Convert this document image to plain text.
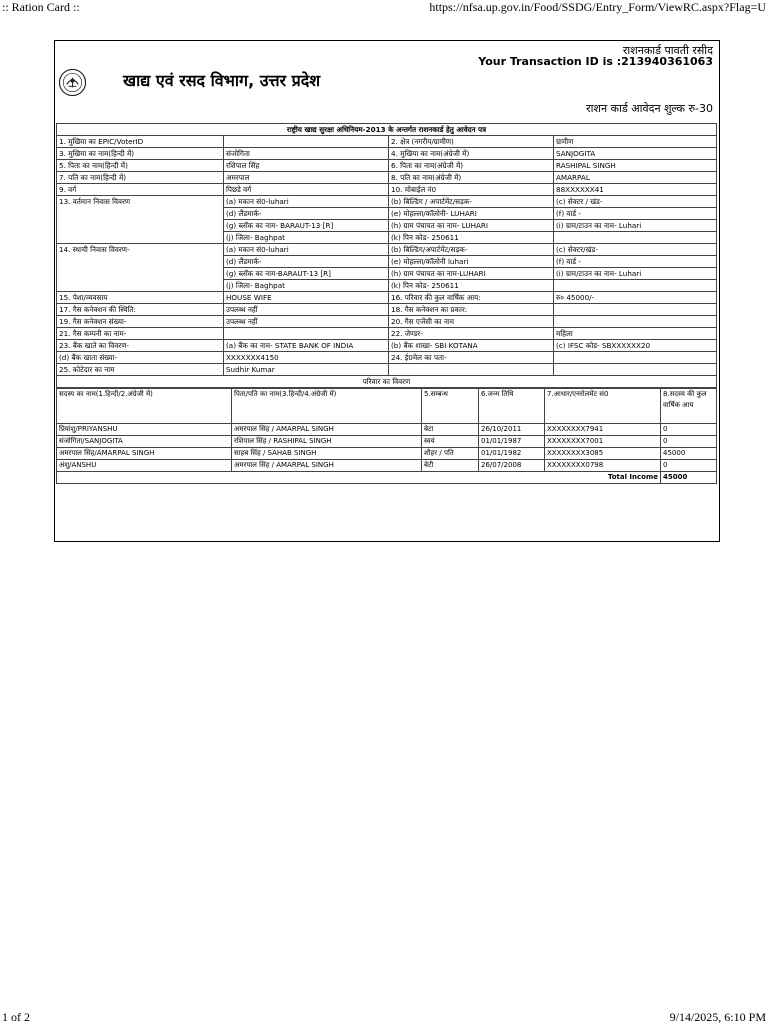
:: Ration Card ::	https://nfsa.up.gov.in/Food/SSDG/Entry_Form/ViewRC.aspx?Flag=U
खाद्य एवं रसद विभाग, उत्तर प्रदेश
राशनकार्ड पावती रसीद
Your Transaction ID is :213940361063
राशन कार्ड आवेदन शुल्क रु-30
राष्ट्रीय खाद्य सुरक्षा अधिनियम-2013 के अन्तर्गत राशनकार्ड हेतु आवेदन पत्र			
1. मुखिया का EPIC/VoterID		2. क्षेत्र (नगरीय/ग्रामीण)	ग्रामीण
3. मुखिया का नाम(हिन्दी में)	संजोगिता	4. मुखिया का नाम(अंग्रेजी में)	SANJOGITA
5. पिता का नाम(हिन्दी में)	रशिपाल सिंह	6. पिता का नाम(अंग्रेजी में)	RASHIPAL SINGH
7. पति का नाम(हिन्दी में)	अमरपाल	8. पति का नाम(अंग्रेजी में)	AMARPAL
9. वर्ग	पिछडे वर्ग	10. मोबाईल नं0	88XXXXXX41
13. वर्तमान निवास विवरण	(a) मकान सं0-luhari	(b) बिल्डिंग / अपार्टमेंट/सड़क-	(c) सेक्टर / खंड-
	(d) लैंडमार्क-	(e) मोहल्ला/कॉलोनी- LUHARI	(f) वार्ड -
	(g) ब्लॉक का नाम- BARAUT-13 [R]	(h) ग्राम पंचायत का नाम- LUHARI	(i) ग्राम/टाउन का नाम- Luhari
	(j) जिला- Baghpat	(k) पिन कोड- 250611	
14. स्थायी निवास विवरण-	(a) मकान सं0-luhari	(b) बिल्डिंग/अपार्टमेंट/सड़क-	(c) सेक्टर/खंड-
	(d) लैंडमार्क-	(e) मोहल्ला/कॉलोनी luhari	(f) वार्ड -
	(g) ब्लॉक का नाम-BARAUT-13 [R]	(h) ग्राम पंचायत का नाम-LUHARI	(i) ग्राम/टाउन का नाम- Luhari
	(j) जिला- Baghpat	(k) पिन कोड- 250611	
15. पेशा/व्यवसाय	HOUSE WIFE	16. परिवार की कुल वार्षिक आय:	रु० 45000/-
17. गैस कनेक्शन की स्थिति:	उपलब्ध नहीं	18. गैस कनेक्शन का प्रकार:	
19. गैस कनेक्शन संख्या-	उपलब्ध नहीं	20. गैस एजेंसी का नाम	
21. गैस कम्पनी का नाम-		22. जेण्डर-	महिला
23. बैंक खाते का विवरण-	(a) बैंक का नाम- STATE BANK OF INDIA	(b) बैंक शाखा- SBI KOTANA	(c) IFSC कोड- SBXXXXXX20
(d) बैंक खाता संख्या-	XXXXXXX4150	24. ई0मेल का पता-	
25. कोटेदार का नाम	Sudhir Kumar		
परिवार का विवरण			
सदस्य का नाम(1.हिन्दी/2.अंग्रेजी में)	पिता/पति का नाम(3.हिन्दी/4.अंग्रेजी में)	5.सम्बन्ध	6.जन्म तिथि	7.आधार/एनरोलमेंट सं0	8.सदस्य की कुल वार्षिक आय
प्रियांशु/PRIYANSHU	अमरपाल सिंह / AMARPAL SINGH	बेटा	26/10/2011	XXXXXXXX7941	0
संजोगिता/SANJOGITA	रशिपाल सिंह / RASHIPAL SINGH	स्वयं	01/01/1987	XXXXXXXX7001	0
अमरपाल सिंह/AMARPAL SINGH	साहब सिंह / SAHAB SINGH	शौहर / पति	01/01/1982	XXXXXXXX3085	45000
अंशु/ANSHU	अमरपाल सिंह / AMARPAL SINGH	बेटी	26/07/2008	XXXXXXXX0798	0
Total Income					45000
1 of 2	9/14/2025, 6:10 PM
